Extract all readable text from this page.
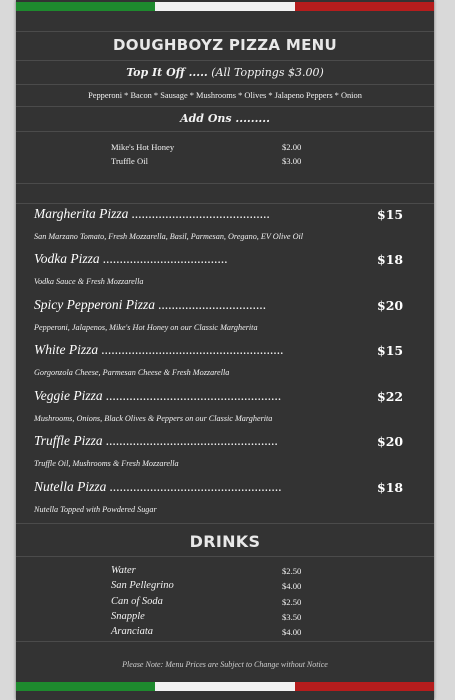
DOUGHBOYZ PIZZA MENU
Top It Off ..... (All Toppings $3.00)
Pepperoni * Bacon * Sausage * Mushrooms * Olives * Jalapeno Peppers * Onion
Add Ons .........
Mike's Hot Honey	$2.00
Truffle Oil	$3.00
Margherita Pizza .........................................	$15
San Marzano Tomato, Fresh Mozzarella, Basil, Parmesan, Oregano, EV Olive Oil
Vodka Pizza .....................................	$18
Vodka Sauce & Fresh Mozzarella
Spicy Pepperoni Pizza ................................	$20
Pepperoni, Jalapenos, Mike's Hot Honey on our Classic Margherita
White Pizza ......................................................	$15
Gorgonzola Cheese, Parmesan Cheese & Fresh Mozzarella
Veggie Pizza ....................................................	$22
Mushrooms, Onions, Black Olives & Peppers on our Classic Margherita
Truffle Pizza ...................................................	$20
Truffle Oil, Mushrooms & Fresh Mozzarella
Nutella Pizza ...................................................	$18
Nutella Topped with Powdered Sugar
DRINKS
Water	$2.50
San Pellegrino	$4.00
Can of Soda	$2.50
Snapple	$3.50
Aranciata	$4.00
Please Note: Menu Prices are Subject to Change without Notice
